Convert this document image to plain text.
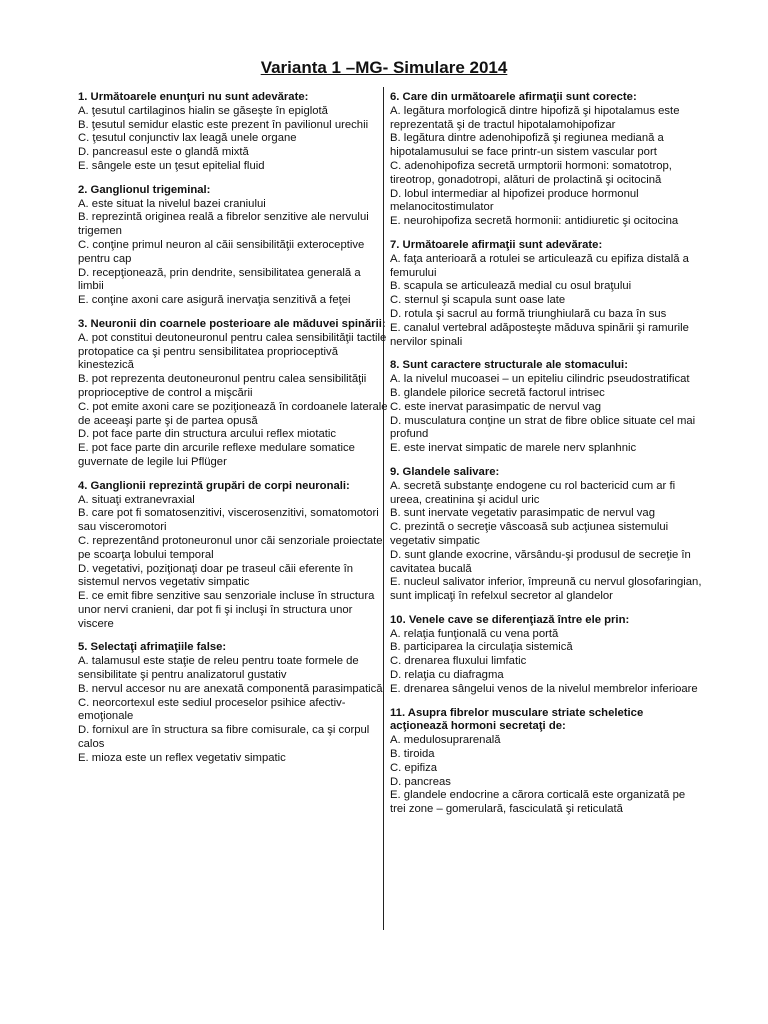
Varianta 1 –MG- Simulare 2014

1. Următoarele enunţuri nu sunt adevărate:

A. ţesutul cartilaginos hialin se găseşte în epiglotă

B. ţesutul semidur elastic este prezent în pavilionul urechii

C. ţesutul conjunctiv lax leagă unele organe

D. pancreasul este o glandă mixtă

E. sângele este un ţesut epitelial fluid

2. Ganglionul trigeminal:

A. este situat la nivelul bazei craniului

B. reprezintă originea reală a fibrelor senzitive ale nervului trigemen

C. conţine primul neuron al căii sensibilităţii exteroceptive pentru cap

D. recepţionează, prin dendrite, sensibilitatea generală a limbii

E. conţine axoni care asigură inervaţia senzitivă a feţei

3. Neuronii din coarnele posterioare ale măduvei spinării:

A. pot constitui deutoneuronul pentru calea sensibilităţii tactile protopatice ca şi pentru sensibilitatea proprioceptivă kinestezică

B. pot reprezenta deutoneuronul pentru calea sensibilităţii proprioceptive de control a mişcării

C. pot emite axoni care se poziţionează în cordoanele laterale de aceeaşi parte şi de partea opusă

D. pot face parte din structura arcului reflex miotatic

E. pot face parte din arcurile reflexe medulare somatice guvernate de legile lui Pflüger

4. Ganglionii reprezintă grupări de corpi neuronali:

A. situaţi extranevraxial

B. care pot fi somatosenzitivi, viscerosenzitivi, somatomotori sau visceromotori

C. reprezentând protoneuronul unor căi senzoriale proiectate pe scoarţa lobului temporal

D. vegetativi, poziţionaţi doar pe traseul căii eferente în sistemul nervos vegetativ simpatic

E. ce emit fibre senzitive sau senzoriale incluse în structura unor nervi cranieni, dar pot fi şi incluşi în structura unor viscere

5. Selectaţi afrimaţiile false:

A. talamusul este staţie de releu pentru toate formele de sensibilitate şi pentru analizatorul gustativ

B. nervul accesor nu are anexată componentă parasimpatică

C. neorcortexul este sediul proceselor psihice afectiv-emoţionale

D. fornixul are în structura sa fibre comisurale, ca şi corpul calos

E. mioza este un reflex vegetativ simpatic

6. Care din următoarele afirmaţii sunt corecte:

A. legătura morfologică dintre hipofiză şi hipotalamus este reprezentată şi de tractul hipotalamohipofizar

B. legătura dintre adenohipofiză şi regiunea mediană a hipotalamusului se face printr-un sistem vascular port

C. adenohipofiza secretă urmptorii hormoni: somatotrop, tireotrop, gonadotropi, alături de prolactină şi ocitocină

D. lobul intermediar al hipofizei produce hormonul melanocitostimulator

E. neurohipofiza secretă hormonii: antidiuretic şi ocitocina

7. Următoarele afirmaţii sunt adevărate:

A. faţa anterioară a rotulei se articulează cu epifiza distală a femurului

B. scapula se articulează medial cu osul braţului

C. sternul şi scapula sunt oase late

D. rotula şi sacrul au formă triunghiulară cu baza în sus

E. canalul vertebral adăposteşte măduva spinării şi ramurile nervilor spinali

8. Sunt caractere structurale ale stomacului:

A. la nivelul mucoasei – un epiteliu cilindric pseudostratificat

B. glandele pilorice secretă factorul intrisec

C. este inervat parasimpatic de nervul vag

D. musculatura conţine un strat de fibre oblice situate cel mai profund

E. este inervat simpatic de marele nerv splanhnic

9. Glandele salivare:

A. secretă substanţe endogene cu rol bactericid cum ar fi ureea, creatinina şi acidul uric

B. sunt inervate vegetativ parasimpatic de nervul vag

C. prezintă o secreţie vâscoasă sub acţiunea sistemului vegetativ simpatic

D. sunt glande exocrine, vărsându-şi produsul de secreţie în cavitatea bucală

E. nucleul salivator inferior, împreună cu nervul glosofaringian, sunt implicaţi în refelxul secretor al glandelor

10. Venele cave se diferenţiază între ele prin:

A. relaţia funţională cu vena portă

B. participarea la circulaţia sistemică

C. drenarea fluxului limfatic

D. relaţia cu diafragma

E. drenarea sângelui venos de la nivelul membrelor inferioare

11. Asupra fibrelor musculare striate scheletice acţionează hormoni secretaţi de:

A. medulosuprarenală

B. tiroida

C. epifiza

D. pancreas

E. glandele endocrine a cărora corticală este organizată pe trei zone – gomerulară, fasciculată şi reticulată
